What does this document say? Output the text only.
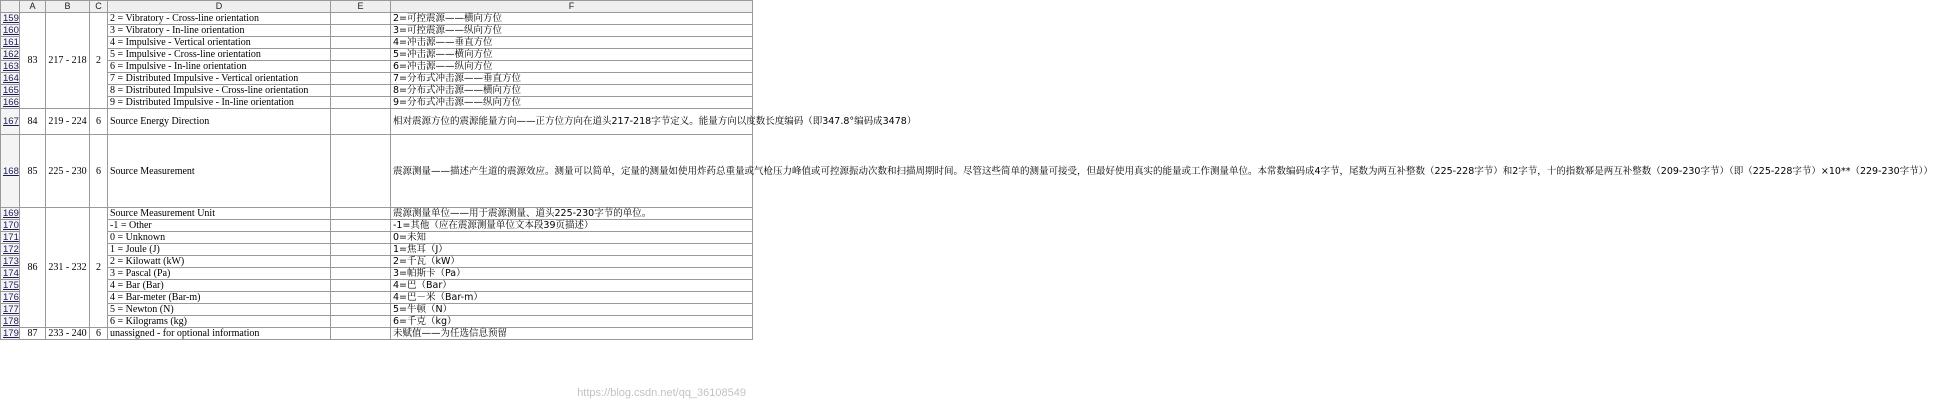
	A	B	C	D	E	F
159	83	217 - 218	2	2 = Vibratory - Cross-line orientation		2=可控震源——横向方位
160				3 = Vibratory - In-line orientation		3=可控震源——纵向方位
161				4 = Impulsive - Vertical orientation		4=冲击源——垂直方位
162				5 = Impulsive - Cross-line orientation		5=冲击源——横向方位
163				6 = Impulsive - In-line orientation		6=冲击源——纵向方位
164				7 = Distributed Impulsive - Vertical orientation		7=分布式冲击源——垂直方位
165				8 = Distributed Impulsive - Cross-line orientation		8=分布式冲击源——横向方位
166				9 = Distributed Impulsive - In-line orientation		9=分布式冲击源——纵向方位
167	84	219 - 224	6	Source Energy Direction		相对震源方位的震源能量方向——正方位方向在道头217-218字节定义。能量方向以度数长度编码（即347.8°编码成3478）
168	85	225 - 230	6	Source Measurement		震源测量——描述产生道的震源效应。测量可以简单，定量的测量如使用炸药总重量或气枪压力峰值或可控源振动次数和扫描周期时间。尽管这些简单的测量可接受，但最好使用真实的能量或工作测量单位。本常数编码成4字节，尾数为两互补整数（225-228字节）和2字节，十的指数幂是两互补整数（209-230字节）（即（225-228字节）×10**（229-230字节））
169	86	231 - 232	2	Source Measurement Unit		震源测量单位——用于震源测量、道头225-230字节的单位。
170				-1 = Other		-1=其他（应在震源测量单位文本段39页描述）
171				0 = Unknown		0=未知
172				1 = Joule (J)		1=焦耳（J）
173				2 = Kilowatt (kW)		2=千瓦（kW）
174				3 = Pascal (Pa)		3=帕斯卡（Pa）
175				4 = Bar (Bar)		4=巴（Bar）
176				4 = Bar-meter (Bar-m)		4=巴－米（Bar-m）
177				5 = Newton (N)		5=牛顿（N）
178				6 = Kilograms (kg)		6=千克（kg）
179	87	233 - 240	6	unassigned - for optional information		未赋值——为任选信息预留
https://blog.csdn.net/qq_36108549
